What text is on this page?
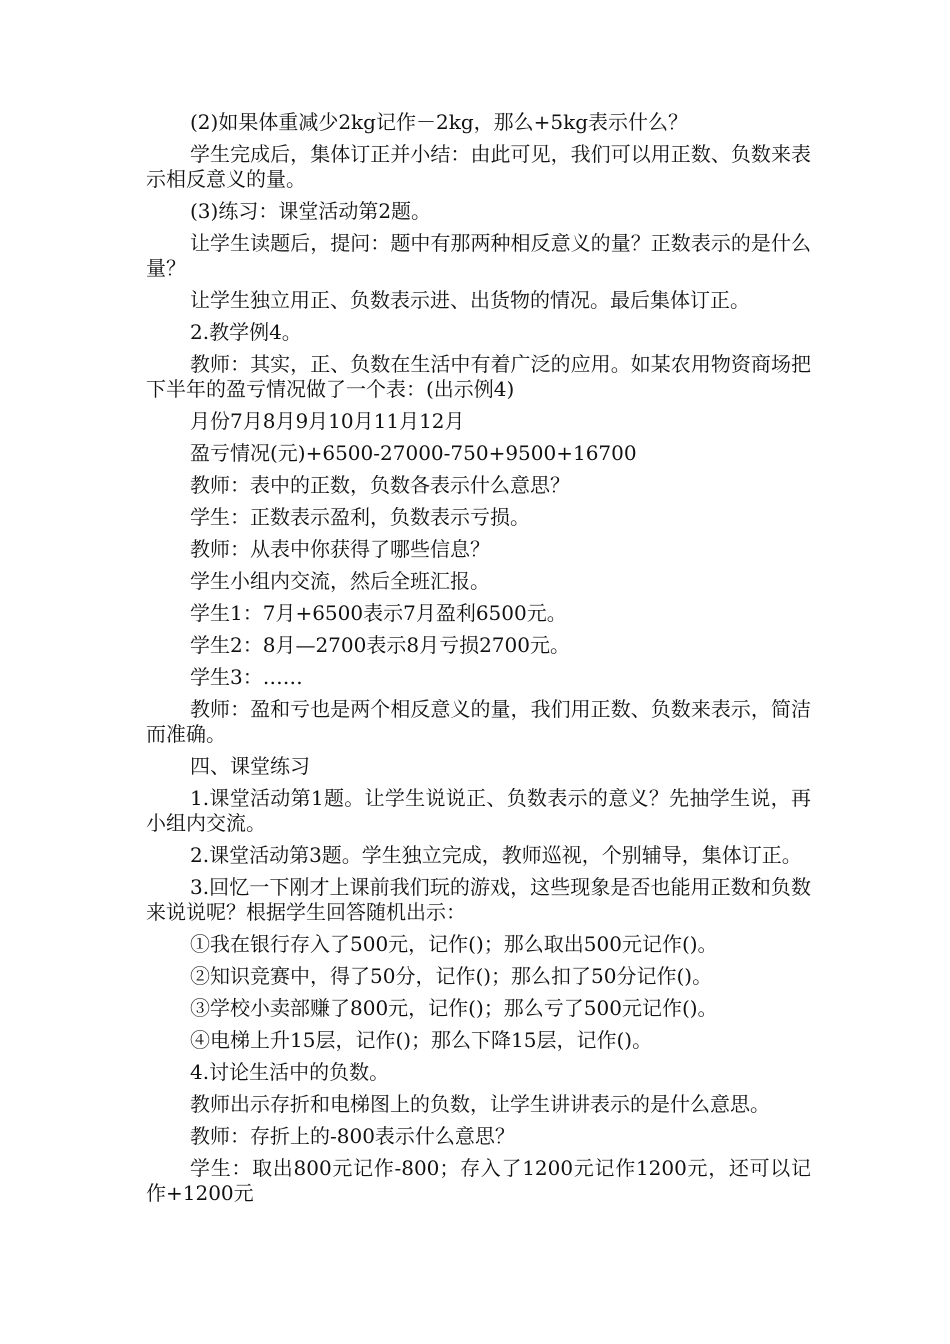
(2)如果体重减少2kg记作－2kg，那么+5kg表示什么？

学生完成后，集体订正并小结：由此可见，我们可以用正数、负数来表示相反意义的量。

(3)练习：课堂活动第2题。

让学生读题后，提问：题中有那两种相反意义的量？正数表示的是什么量？

让学生独立用正、负数表示进、出货物的情况。最后集体订正。

2.教学例4。

教师：其实，正、负数在生活中有着广泛的应用。如某农用物资商场把下半年的盈亏情况做了一个表：(出示例4)

月份7月8月9月10月11月12月

盈亏情况(元)+6500-27000-750+9500+16700

教师：表中的正数，负数各表示什么意思？

学生：正数表示盈利，负数表示亏损。

教师：从表中你获得了哪些信息？

学生小组内交流，然后全班汇报。

学生1：7月+6500表示7月盈利6500元。

学生2：8月—2700表示8月亏损2700元。

学生3：……

教师：盈和亏也是两个相反意义的量，我们用正数、负数来表示，简洁而准确。

四、课堂练习

1.课堂活动第1题。让学生说说正、负数表示的意义？先抽学生说，再小组内交流。

2.课堂活动第3题。学生独立完成，教师巡视，个别辅导，集体订正。

3.回忆一下刚才上课前我们玩的游戏，这些现象是否也能用正数和负数来说说呢？根据学生回答随机出示：

①我在银行存入了500元，记作()；那么取出500元记作()。

②知识竞赛中，得了50分，记作()；那么扣了50分记作()。

③学校小卖部赚了800元，记作()；那么亏了500元记作()。

④电梯上升15层，记作()；那么下降15层，记作()。

4.讨论生活中的负数。

教师出示存折和电梯图上的负数，让学生讲讲表示的是什么意思。

教师：存折上的-800表示什么意思？

学生：取出800元记作-800；存入了1200元记作1200元，还可以记作+1200元
